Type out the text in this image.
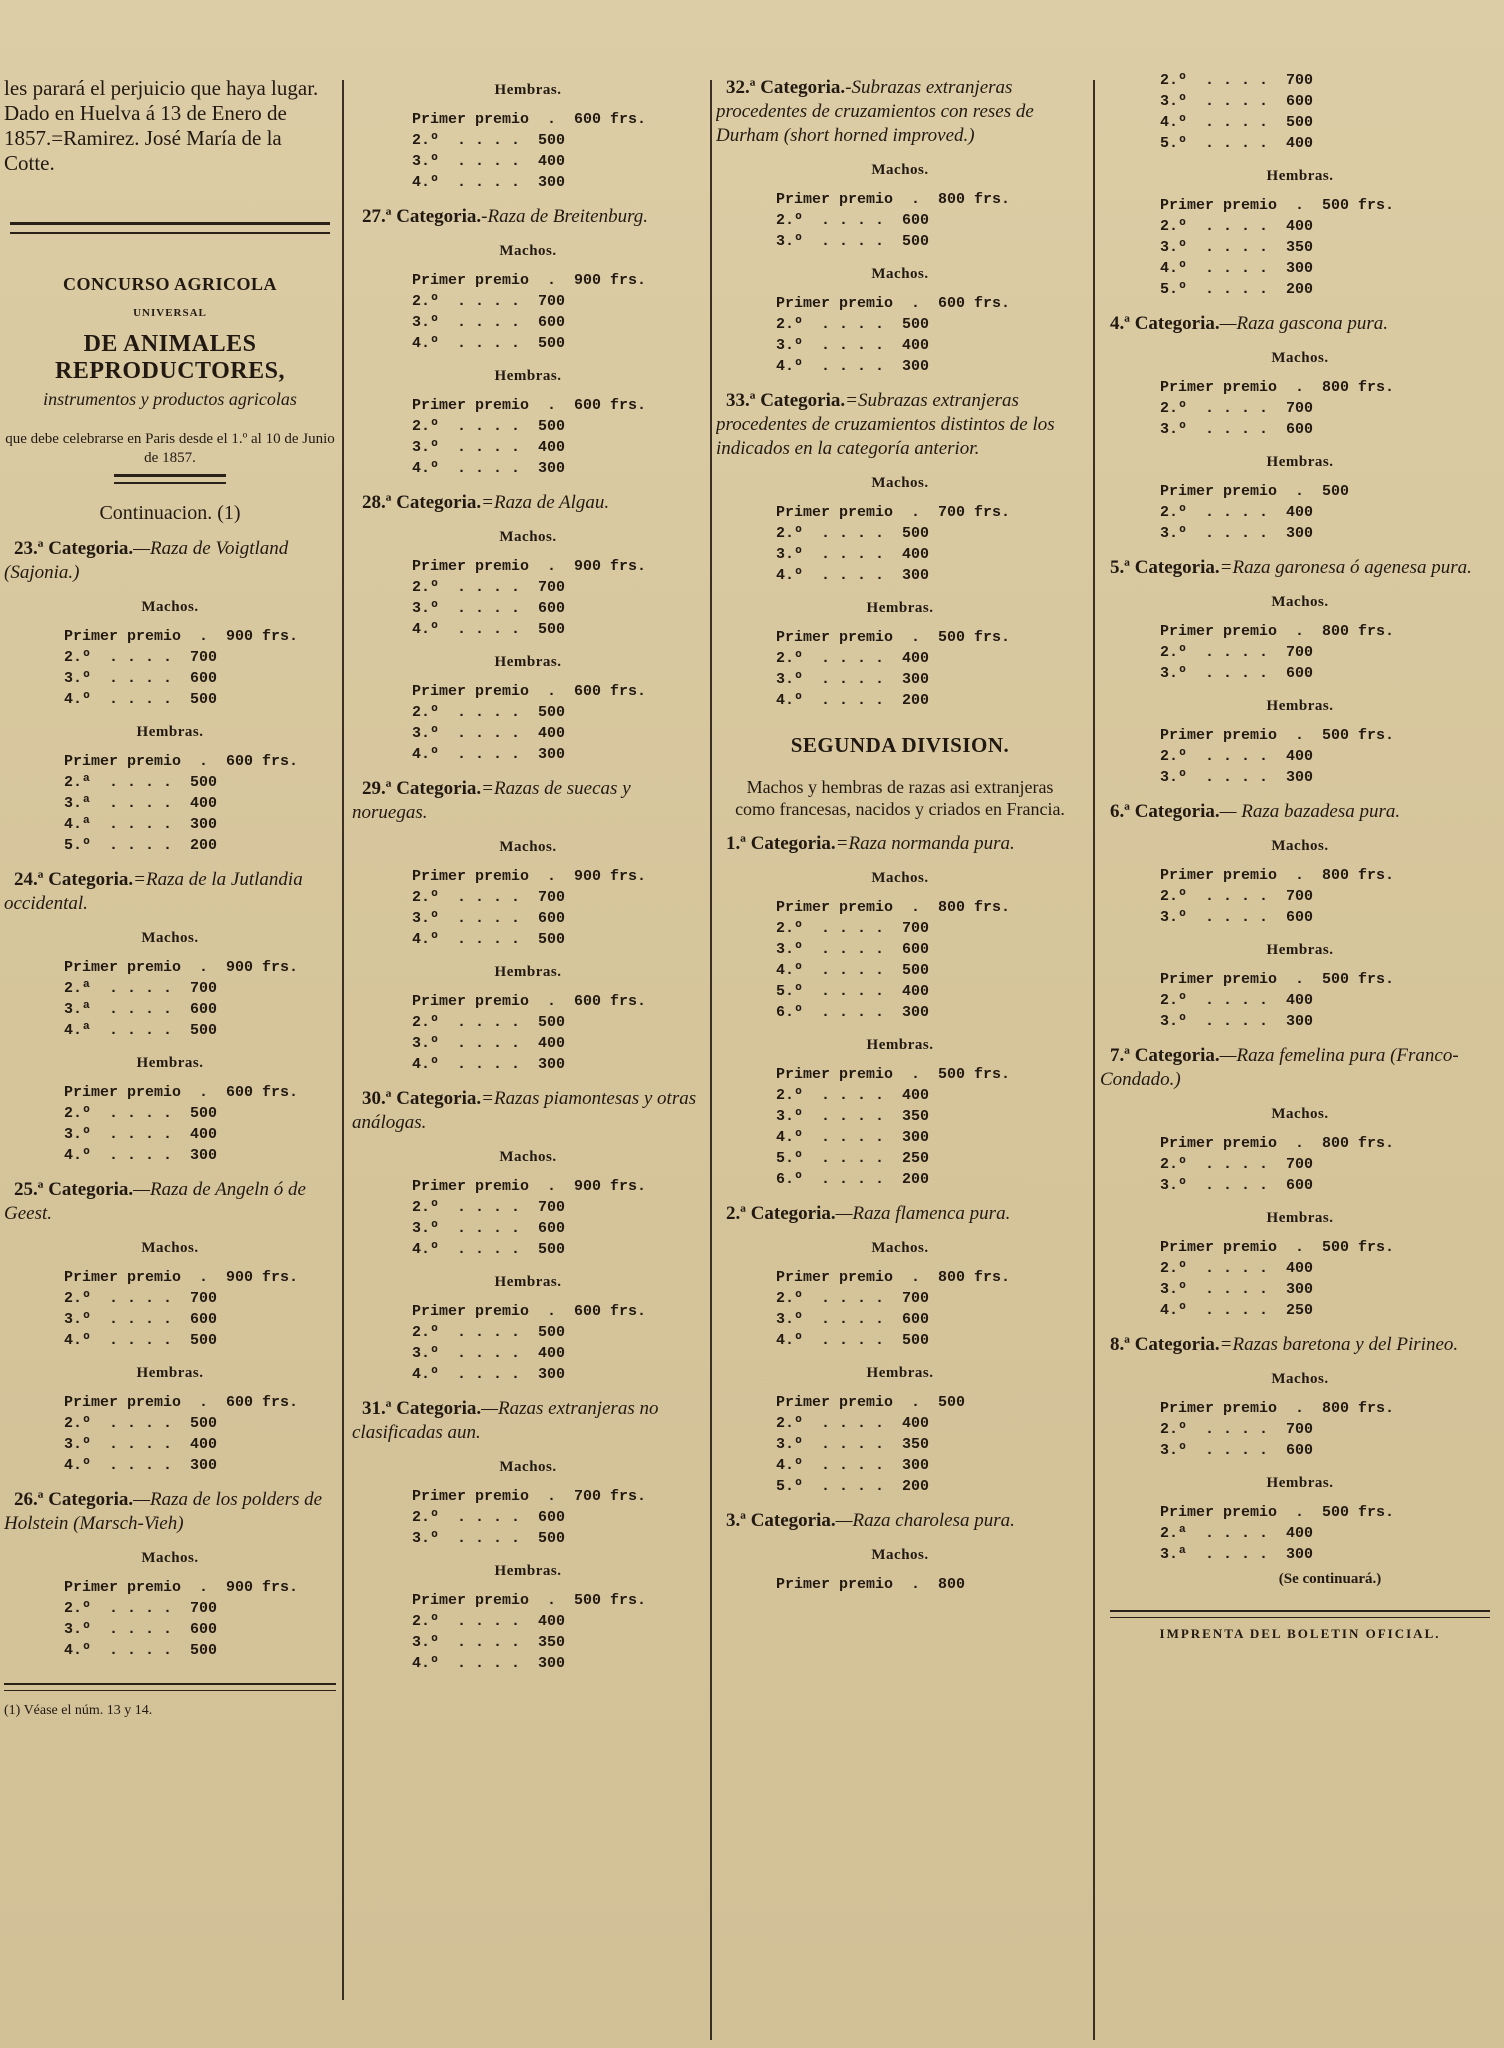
les parará el perjuicio que haya lugar. Dado en Huelva á 13 de Enero de 1857.=Ramirez. José María de la Cotte.

CONCURSO AGRICOLA
UNIVERSAL
DE ANIMALES REPRODUCTORES,
instrumentos y productos agricolas
que debe celebrarse en Paris desde el 1.º al 10 de Junio de 1857.
Continuacion. (1)

23.ª Categoria.—Raza de Voigtland (Sajonia.)

Machos.
Primer premio  .  900 frs.
2.º  . . . .  700
3.º  . . . .  600
4.º  . . . .  500
Hembras.
Primer premio  .  600 frs.
2.ª  . . . .  500
3.ª  . . . .  400
4.ª  . . . .  300
5.º  . . . .  200

24.ª Categoria.=Raza de la Jutlandia occidental.

Machos.
Primer premio  .  900 frs.
2.ª  . . . .  700
3.ª  . . . .  600
4.ª  . . . .  500
Hembras.
Primer premio  .  600 frs.
2.º  . . . .  500
3.º  . . . .  400
4.º  . . . .  300

25.ª Categoria.—Raza de Angeln ó de Geest.

Machos.
Primer premio  .  900 frs.
2.º  . . . .  700
3.º  . . . .  600
4.º  . . . .  500
Hembras.
Primer premio  .  600 frs.
2.º  . . . .  500
3.º  . . . .  400
4.º  . . . .  300

26.ª Categoria.—Raza de los polders de Holstein (Marsch-Vieh)

Machos.
Primer premio  .  900 frs.
2.º  . . . .  700
3.º  . . . .  600
4.º  . . . .  500
(1) Véase el núm. 13 y 14.
Hembras.
Primer premio  .  600 frs.
2.º  . . . .  500
3.º  . . . .  400
4.º  . . . .  300

27.ª Categoria.-Raza de Breitenburg.

Machos.
Primer premio  .  900 frs.
2.º  . . . .  700
3.º  . . . .  600
4.º  . . . .  500
Hembras.
Primer premio  .  600 frs.
2.º  . . . .  500
3.º  . . . .  400
4.º  . . . .  300

28.ª Categoria.=Raza de Algau.

Machos.
Primer premio  .  900 frs.
2.º  . . . .  700
3.º  . . . .  600
4.º  . . . .  500
Hembras.
Primer premio  .  600 frs.
2.º  . . . .  500
3.º  . . . .  400
4.º  . . . .  300

29.ª Categoria.=Razas de suecas y noruegas.

Machos.
Primer premio  .  900 frs.
2.º  . . . .  700
3.º  . . . .  600
4.º  . . . .  500
Hembras.
Primer premio  .  600 frs.
2.º  . . . .  500
3.º  . . . .  400
4.º  . . . .  300

30.ª Categoria.=Razas piamontesas y otras análogas.

Machos.
Primer premio  .  900 frs.
2.º  . . . .  700
3.º  . . . .  600
4.º  . . . .  500
Hembras.
Primer premio  .  600 frs.
2.º  . . . .  500
3.º  . . . .  400
4.º  . . . .  300

31.ª Categoria.—Razas extranjeras no clasificadas aun.

Machos.
Primer premio  .  700 frs.
2.º  . . . .  600
3.º  . . . .  500
Hembras.
Primer premio  .  500 frs.
2.º  . . . .  400
3.º  . . . .  350
4.º  . . . .  300

32.ª Categoria.-Subrazas extranjeras procedentes de cruzamientos con reses de Durham (short horned improved.)

Machos.
Primer premio  .  800 frs.
2.º  . . . .  600
3.º  . . . .  500
Machos.
Primer premio  .  600 frs.
2.º  . . . .  500
3.º  . . . .  400
4.º  . . . .  300

33.ª Categoria.=Subrazas extranjeras procedentes de cruzamientos distintos de los indicados en la categoría anterior.

Machos.
Primer premio  .  700 frs.
2.º  . . . .  500
3.º  . . . .  400
4.º  . . . .  300
Hembras.
Primer premio  .  500 frs.
2.º  . . . .  400
3.º  . . . .  300
4.º  . . . .  200
SEGUNDA DIVISION.
Machos y hembras de razas asi extranjeras como francesas, nacidos y criados en Francia.

1.ª Categoria.=Raza normanda pura.

Machos.
Primer premio  .  800 frs.
2.º  . . . .  700
3.º  . . . .  600
4.º  . . . .  500
5.º  . . . .  400
6.º  . . . .  300
Hembras.
Primer premio  .  500 frs.
2.º  . . . .  400
3.º  . . . .  350
4.º  . . . .  300
5.º  . . . .  250
6.º  . . . .  200

2.ª Categoria.—Raza flamenca pura.

Machos.
Primer premio  .  800 frs.
2.º  . . . .  700
3.º  . . . .  600
4.º  . . . .  500
Hembras.
Primer premio  .  500
2.º  . . . .  400
3.º  . . . .  350
4.º  . . . .  300
5.º  . . . .  200

3.ª Categoria.—Raza charolesa pura.

Machos.
Primer premio  .  800
2.º  . . . .  700
3.º  . . . .  600
4.º  . . . .  500
5.º  . . . .  400
Hembras.
Primer premio  .  500 frs.
2.º  . . . .  400
3.º  . . . .  350
4.º  . . . .  300
5.º  . . . .  200

4.ª Categoria.—Raza gascona pura.

Machos.
Primer premio  .  800 frs.
2.º  . . . .  700
3.º  . . . .  600
Hembras.
Primer premio  .  500
2.º  . . . .  400
3.º  . . . .  300

5.ª Categoria.=Raza garonesa ó agenesa pura.

Machos.
Primer premio  .  800 frs.
2.º  . . . .  700
3.º  . . . .  600
Hembras.
Primer premio  .  500 frs.
2.º  . . . .  400
3.º  . . . .  300

6.ª Categoria.— Raza bazadesa pura.

Machos.
Primer premio  .  800 frs.
2.º  . . . .  700
3.º  . . . .  600
Hembras.
Primer premio  .  500 frs.
2.º  . . . .  400
3.º  . . . .  300

7.ª Categoria.—Raza femelina pura (Franco-Condado.)

Machos.
Primer premio  .  800 frs.
2.º  . . . .  700
3.º  . . . .  600
Hembras.
Primer premio  .  500 frs.
2.º  . . . .  400
3.º  . . . .  300
4.º  . . . .  250

8.ª Categoria.=Razas baretona y del Pirineo.

Machos.
Primer premio  .  800 frs.
2.º  . . . .  700
3.º  . . . .  600
Hembras.
Primer premio  .  500 frs.
2.ª  . . . .  400
3.ª  . . . .  300
(Se continuará.)
IMPRENTA DEL BOLETIN OFICIAL.
